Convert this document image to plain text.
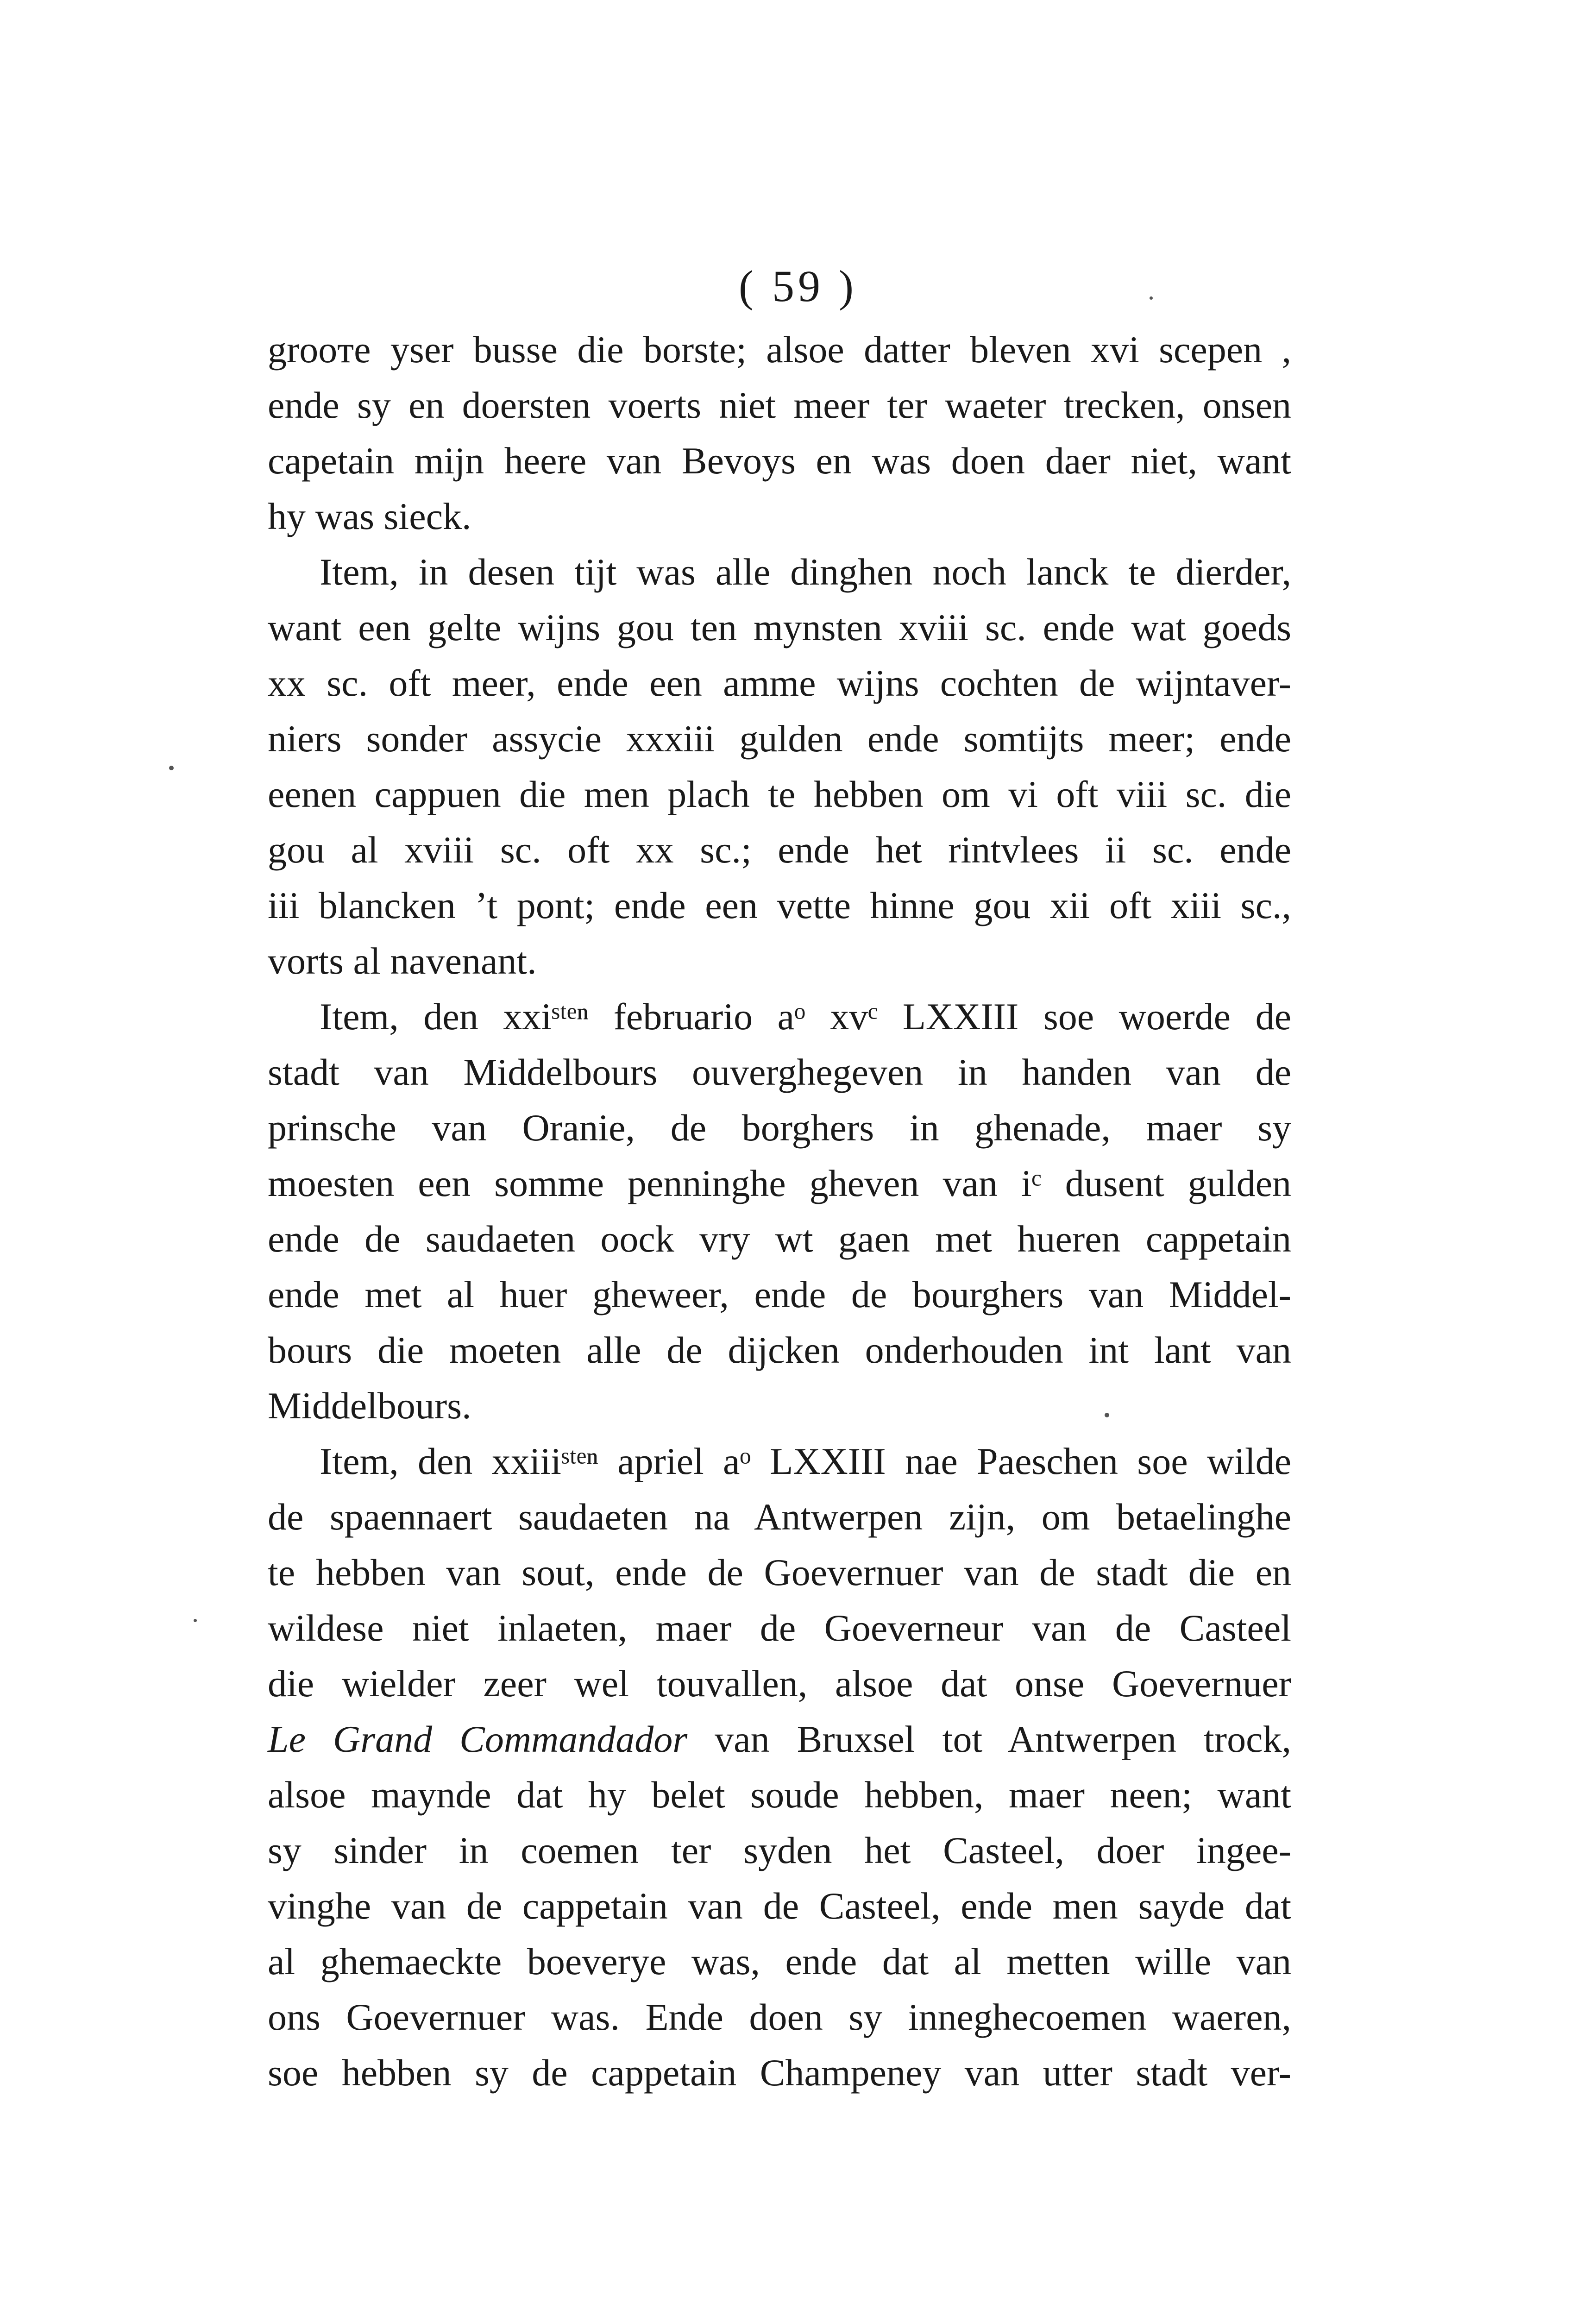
( 59 )
grooте yser busse die borste; alsoe datter bleven xvi scepen ,
ende sy en doersten voerts niet meer ter waeter trecken, onsen
capetain mijn heere van Bevoys en was doen daer niet, want
hy was sieck.
Item, in desen tijt was alle dinghen noch lanck te dierder,
want een gelte wijns gou ten mynsten xviii sc. ende wat goeds
xx sc. oft meer, ende een amme wijns cochten de wijntaver-
niers sonder assycie xxxiii gulden ende somtijts meer; ende
eenen cappuen die men plach te hebben om vi oft viii sc. die
gou al xviii sc. oft xx sc.; ende het rintvlees ii sc. ende
iii blancken ’t pont; ende een vette hinne gou xii oft xiii sc.,
vorts al navenant.
Item, den xxiˢᵗᵉⁿ februario aᵒ xvᶜ LXXIII soe woerde de
stadt van Middelbours ouverghegeven in handen van de
prinsche van Oranie, de borghers in ghenade, maer sy
moesten een somme penninghe gheven van iᶜ dusent gulden
ende de saudaeten oock vry wt gaen met hueren cappetain
ende met al huer gheweer, ende de bourghers van Middel-
bours die moeten alle de dijcken onderhouden int lant van
Middelbours.
Item, den xxiiiˢᵗᵉⁿ apriel aᵒ LXXIII nae Paeschen soe wilde
de spaennaert saudaeten na Antwerpen zijn, om betaelinghe
te hebben van sout, ende de Goevernuer van de stadt die en
wildese niet inlaeten, maer de Goeverneur van de Casteel
die wielder zeer wel touvallen, alsoe dat onse Goevernuer
Le Grand Commandador van Bruxsel tot Antwerpen trock,
alsoe maynde dat hy belet soude hebben, maer neen; want
sy sinder in coemen ter syden het Casteel, doer ingee-
vinghe van de cappetain van de Casteel, ende men sayde dat
al ghemaeckte boeverye was, ende dat al metten wille van
ons Goevernuer was. Ende doen sy inneghecoemen waeren,
soe hebben sy de cappetain Champeney van utter stadt ver-
